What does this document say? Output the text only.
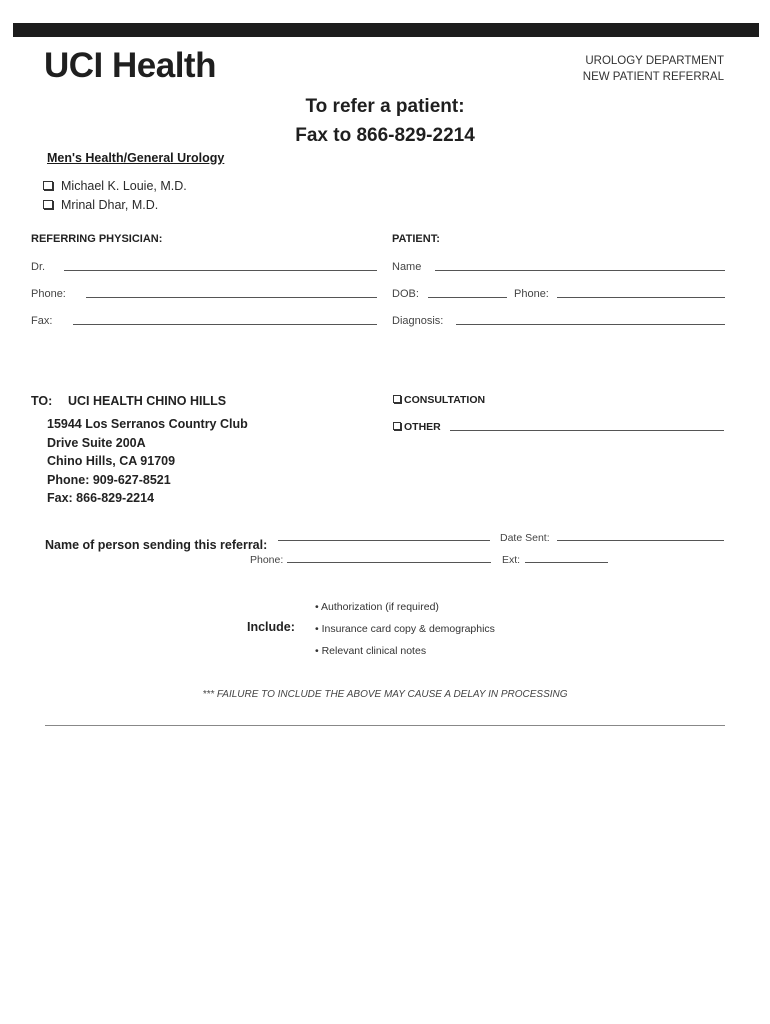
UCI Health	UROLOGY DEPARTMENT
NEW PATIENT REFERRAL
To refer a patient:
Fax to 866-829-2214
Men's Health/General Urology
Michael K. Louie, M.D.
Mrinal Dhar, M.D.
REFERRING PHYSICIAN:
Dr.
Phone:
Fax:
PATIENT:
Name
DOB:	Phone:
Diagnosis:
TO: UCI HEALTH CHINO HILLS
15944 Los Serranos Country Club
Drive Suite 200A
Chino Hills, CA 91709
Phone: 909-627-8521
Fax: 866-829-2214
CONSULTATION
OTHER
Name of person sending this referral:	Date Sent:
Phone:	Ext:
Include:
• Authorization (if required)
• Insurance card copy & demographics
• Relevant clinical notes
*** FAILURE TO INCLUDE THE ABOVE MAY CAUSE A DELAY IN PROCESSING
